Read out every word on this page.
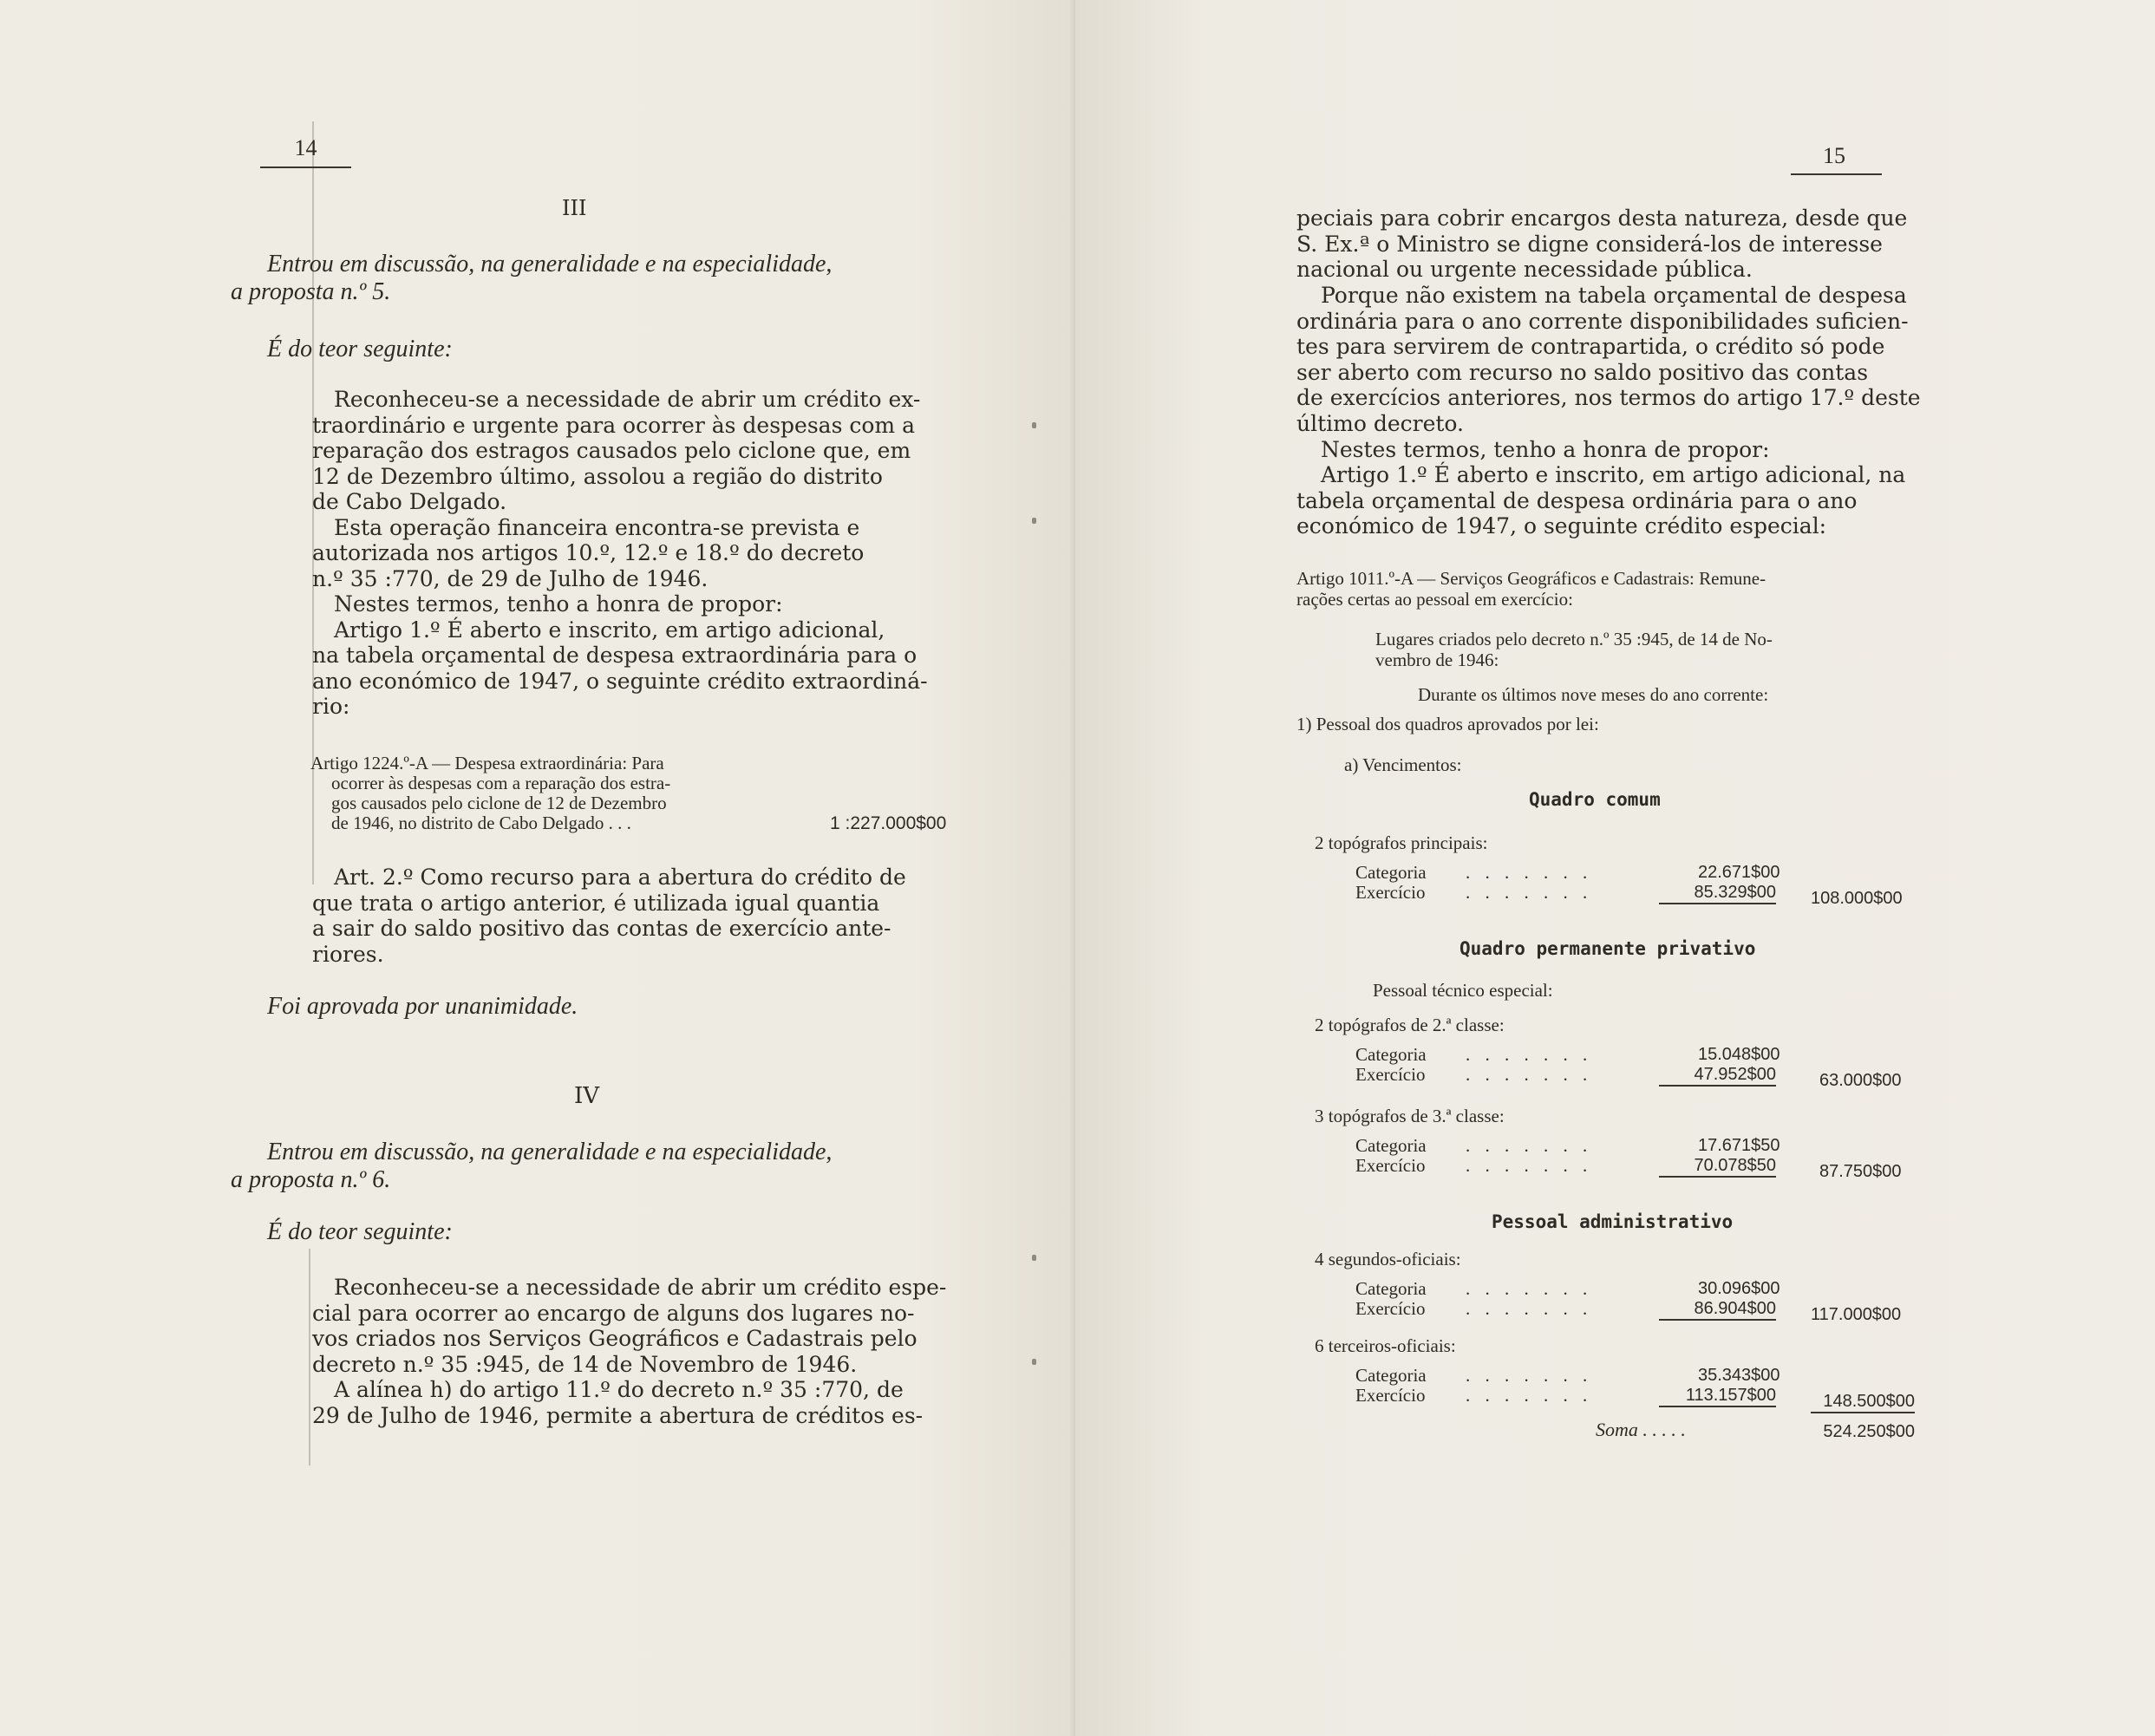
14
III
Entrou em discussão, na generalidade e na especialidade,
a proposta n.º 5.
É do teor seguinte:
Reconheceu-se a necessidade de abrir um crédito ex-
traordinário e urgente para ocorrer às despesas com a
reparação dos estragos causados pelo ciclone que, em
12 de Dezembro último, assolou a região do distrito
de Cabo Delgado.
Esta operação financeira encontra-se prevista e
autorizada nos artigos 10.º, 12.º e 18.º do decreto
n.º 35 :770, de 29 de Julho de 1946.
Nestes termos, tenho a honra de propor:
Artigo 1.º É aberto e inscrito, em artigo adicional,
na tabela orçamental de despesa extraordinária para o
ano económico de 1947, o seguinte crédito extraordiná-
rio:
Artigo 1224.º-A — Despesa extraordinária: Para
ocorrer às despesas com a reparação dos estra-
gos causados pelo ciclone de 12 de Dezembro
de 1946, no distrito de Cabo Delgado . . .	1 :227.000$00
Art. 2.º Como recurso para a abertura do crédito de
que trata o artigo anterior, é utilizada igual quantia
a sair do saldo positivo das contas de exercício ante-
riores.
Foi aprovada por unanimidade.
IV
Entrou em discussão, na generalidade e na especialidade,
a proposta n.º 6.
É do teor seguinte:
Reconheceu-se a necessidade de abrir um crédito espe-
cial para ocorrer ao encargo de alguns dos lugares no-
vos criados nos Serviços Geográficos e Cadastrais pelo
decreto n.º 35 :945, de 14 de Novembro de 1946.
A alínea h) do artigo 11.º do decreto n.º 35 :770, de
29 de Julho de 1946, permite a abertura de créditos es-
15
peciais para cobrir encargos desta natureza, desde que
S. Ex.ª o Ministro se digne considerá-los de interesse
nacional ou urgente necessidade pública.
Porque não existem na tabela orçamental de despesa
ordinária para o ano corrente disponibilidades suficien-
tes para servirem de contrapartida, o crédito só pode
ser aberto com recurso no saldo positivo das contas
de exercícios anteriores, nos termos do artigo 17.º deste
último decreto.
Nestes termos, tenho a honra de propor:
Artigo 1.º É aberto e inscrito, em artigo adicional, na
tabela orçamental de despesa ordinária para o ano
económico de 1947, o seguinte crédito especial:
Artigo 1011.º-A — Serviços Geográficos e Cadastrais: Remune-
rações certas ao pessoal em exercício:
Lugares criados pelo decreto n.º 35 :945, de 14 de No-
vembro de 1946:
Durante os últimos nove meses do ano corrente:
1) Pessoal dos quadros aprovados por lei:
a) Vencimentos:
Quadro comum
2 topógrafos principais:
Categoria . . . . . . .	22.671$00
Exercício . . . . . . .	85.329$00 108.000$00
Quadro permanente privativo
Pessoal técnico especial:
2 topógrafos de 2.ª classe:
Categoria . . . . . . .	15.048$00
Exercício . . . . . . .	47.952$00	63.000$00
3 topógrafos de 3.ª classe:
Categoria . . . . . . .	17.671$50
Exercício . . . . . . .	70.078$50	87.750$00
Pessoal administrativo
4 segundos-oficiais:
Categoria . . . . . . .	30.096$00
Exercício . . . . . . .	86.904$00 117.000$00
6 terceiros-oficiais:
Categoria . . . . . . .	35.343$00
Exercício . . . . . . .	113.157$00	148.500$00
Soma . . . . .	524.250$00
